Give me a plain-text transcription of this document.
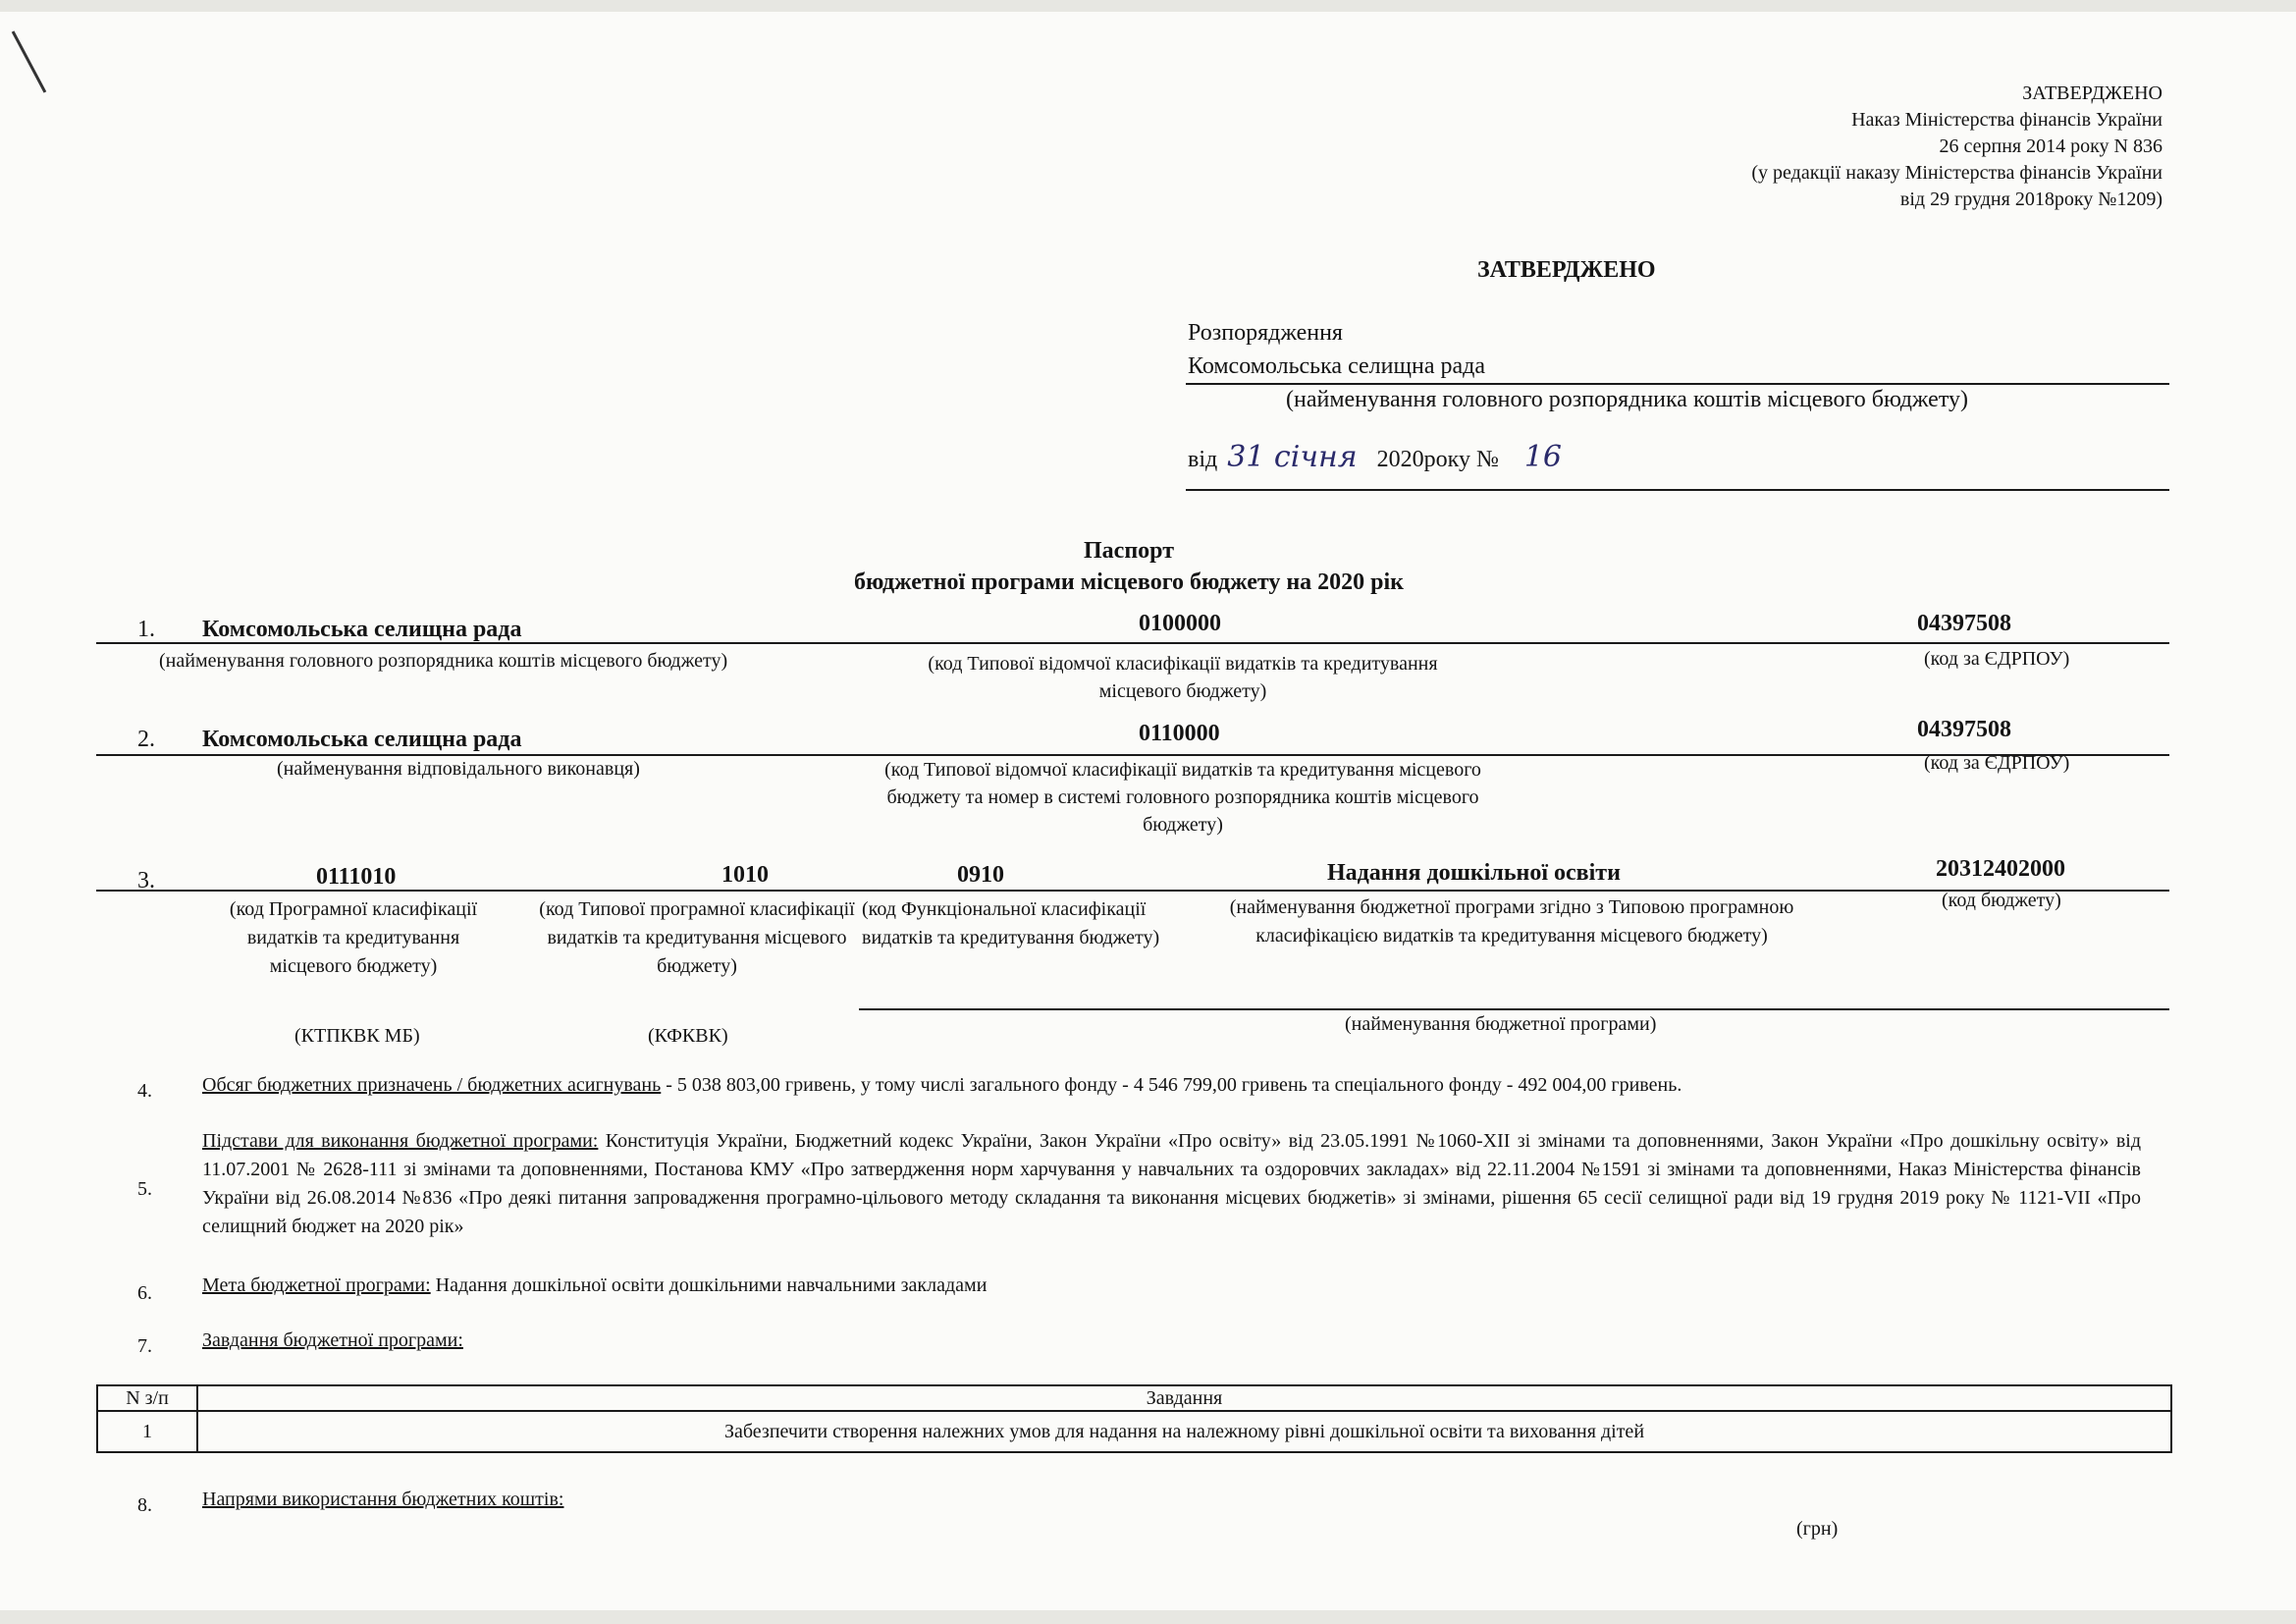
ЗАТВЕРДЖЕНО
Наказ Міністерства фінансів України
26 серпня 2014 року N 836
(у редакції наказу Міністерства фінансів України
від 29 грудня 2018року №1209)
ЗАТВЕРДЖЕНО
Розпорядження
Комсомольська селищна рада
(найменування головного розпорядника коштів місцевого бюджету)
від 31 січня 2020року № 16
Паспорт
бюджетної програми місцевого бюджету на 2020 рік
1. Комсомольська селищна рада	0100000	04397508
(найменування головного розпорядника коштів місцевого бюджету)	(код Типової відомчої класифікації видатків та кредитування місцевого бюджету)
(код за ЄДРПОУ)
2. Комсомольська селищна рада	0110000	04397508
(найменування відповідального виконавця)	(код Типової відомчої класифікації видатків та кредитування місцевого бюджету та номер в системі головного розпорядника коштів місцевого бюджету)
(код за ЄДРПОУ)
3.	0111010	1010	0910	Надання дошкільної освіти	20312402000
(код Програмної класифікації видатків та кредитування місцевого бюджету)
(код Типової програмної класифікації видатків та кредитування місцевого бюджету)
(код Функціональної класифікації видатків та кредитування бюджету)
(найменування бюджетної програми згідно з Типовою програмною класифікацією видатків та кредитування місцевого бюджету)
(код бюджету)
(КТПКВК МБ)	(КФКВК)
(найменування бюджетної програми)
4.	Обсяг бюджетних призначень / бюджетних асигнувань - 5 038 803,00 гривень, у тому числі загального фонду - 4 546 799,00 гривень та спеціального фонду - 492 004,00 гривень.
5.
Підстави для виконання бюджетної програми: Конституція України, Бюджетний кодекс України, Закон України «Про освіту» від 23.05.1991 №1060-XII зі змінами та доповненнями, Закон України «Про дошкільну освіту» від 11.07.2001 № 2628-111 зі змінами та доповненнями, Постанова КМУ «Про затвердження норм харчування у навчальних та оздоровчих закладах» від 22.11.2004 №1591 зі змінами та доповненнями, Наказ Міністерства фінансів України від 26.08.2014 №836 «Про деякі питання запровадження програмно-цільового методу складання та виконання місцевих бюджетів» зі змінами, рішення 65 сесії селищної ради від 19 грудня 2019 року № 1121-VII «Про селищний бюджет на 2020 рік»
6.	Мета бюджетної програми: Надання дошкільної освіти дошкільними навчальними закладами
7.	Завдання бюджетної програми:
N з/п	Завдання
1	Забезпечити створення належних умов для надання на належному рівні дошкільної освіти та виховання дітей
8.	Напрями використання бюджетних коштів:
(грн)
